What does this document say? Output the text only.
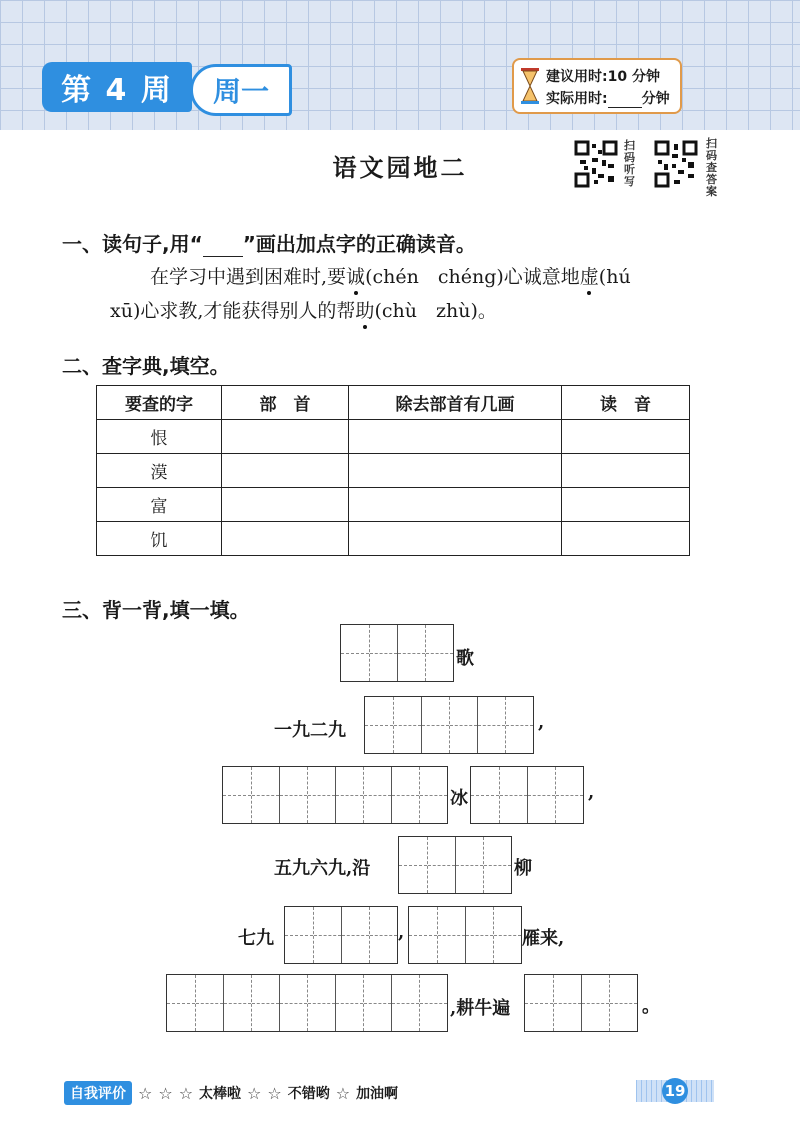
第 4 周	周一	建议用时:10 分钟
实际用时: 分钟
语文园地二
扫码听写
扫码查答案
一、读句子,用“ ”画出加点字的正确读音。
在学习中遇到困难时,要诚(chén　chéng)心诚意地虚(hú
xū)心求教,才能获得别人的帮助(chù　zhù)。
二、查字典,填空。
要查的字	部　首	除去部首有几画	读　音
恨			
漠			
富			
饥			
三、背一背,填一填。
歌
一九二九	,
冰	,
五九六九,沿	柳
七九	,	雁来,
,耕牛遍	。
自我评价 ☆ ☆ ☆ 太棒啦 ☆ ☆ 不错哟 ☆ 加油啊	19
